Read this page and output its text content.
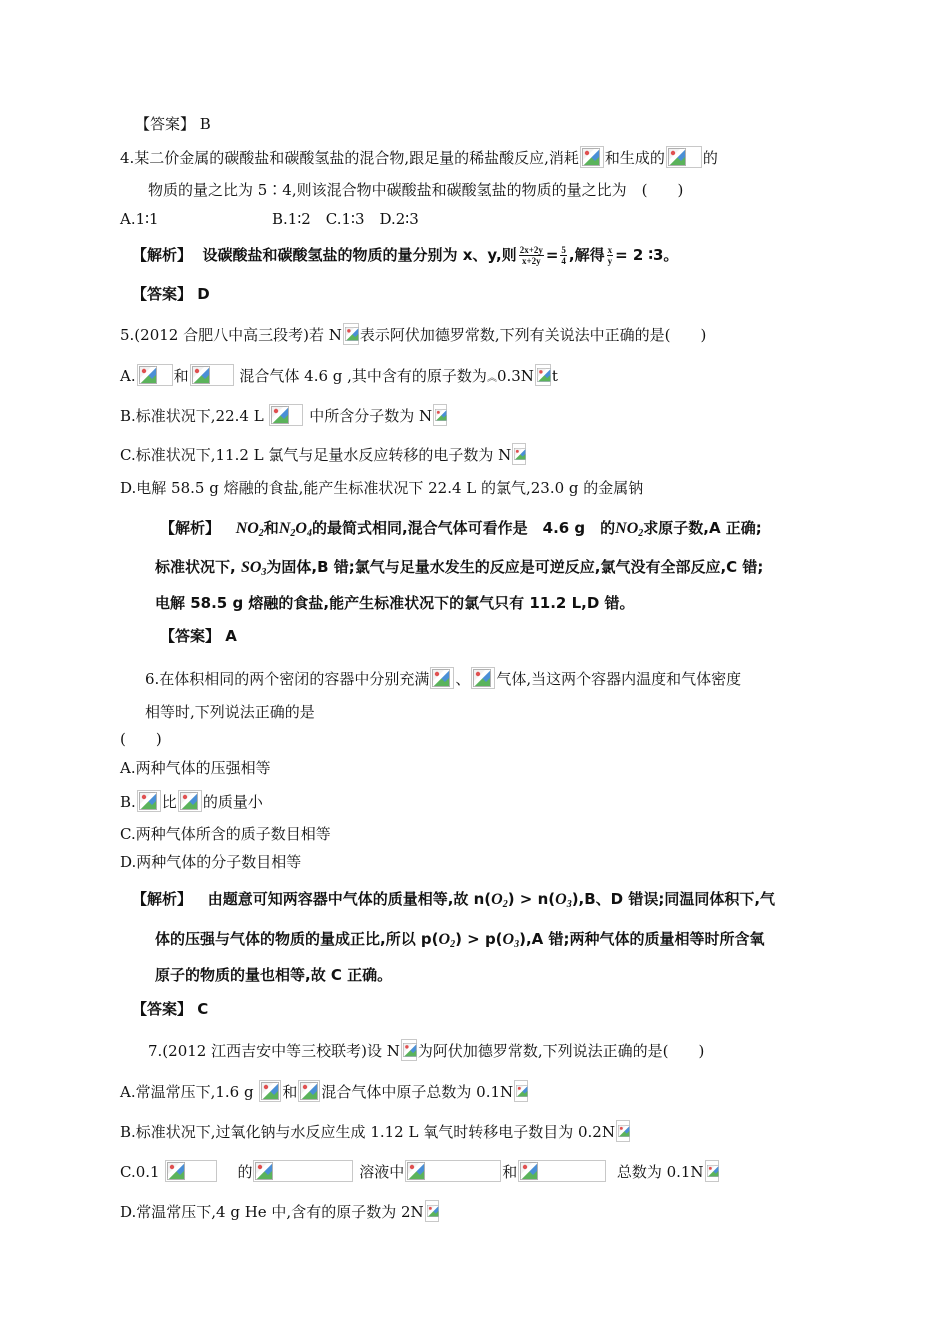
【答案】 B
4.某二价金属的碳酸盐和碳酸氢盐的混合物,跟足量的稀盐酸反应,消耗 和生成的	的
物质的量之比为 5∶4,则该混合物中碳酸盐和碳酸氢盐的物质的量之比为　(　　)
A.1∶1	B.1∶2　C.1∶3　D.2∶3
【解析】 设碳酸盐和碳酸氢盐的物质的量分别为 x、y,则 $\frac{2x+2y}{x+2y} = \frac{5}{4}$ ,解得 $\frac{x}{y} = 2$ ∶3。
【答案】 D
5.(2012 合肥八中高三段考)若 N 表示阿伏加德罗常数,下列有关说法中正确的是(　　)
A.	和	混合气体 4.6 g ,其中含有的原子数为︽0.3N t
B.标准状况下,22.4 L	中所含分子数为 N
C.标准状况下,11.2 L 氯气与足量水反应转移的电子数为 N
D.电解 58.5 g 熔融的食盐,能产生标准状况下 22.4 L 的氯气,23.0 g 的金属钠
【解析】 $NO_2$和$N_2O_4$的最简式相同,混合气体可看作是　4.6 g　的$NO_2$求原子数,A 正确;
标准状况下, $SO_3$为固体,B 错;氯气与足量水发生的反应是可逆反应,氯气没有全部反应,C 错;
电解 58.5 g 熔融的食盐,能产生标准状况下的氯气只有 11.2 L,D 错。
【答案】 A
6.在体积相同的两个密闭的容器中分别充满 、 气体,当这两个容器内温度和气体密度
相等时,下列说法正确的是
(　　)
A.两种气体的压强相等
B. 比 的质量小
C.两种气体所含的质子数目相等
D.两种气体的分子数目相等
【解析】 由题意可知两容器中气体的质量相等,故 $n(O_2) > n(O_3),B$、D 错误;同温同体积下,气
体的压强与气体的物质的量成正比,所以 $p(O_2) > p(O_3),A$ 错;两种气体的质量相等时所含氧
原子的物质的量也相等,故 C 正确。
【答案】 C
7.(2012 江西吉安中等三校联考)设 N 为阿伏加德罗常数,下列说法正确的是(　　)
A.常温常压下,1.6 g 和 混合气体中原子总数为 0.1N
B.标准状况下,过氧化钠与水反应生成 1.12 L 氧气时转移电子数目为 0.2N
C.0.1	的	溶液中	和	总数为 0.1N
D.常温常压下,4 g He 中,含有的原子数为 2N
